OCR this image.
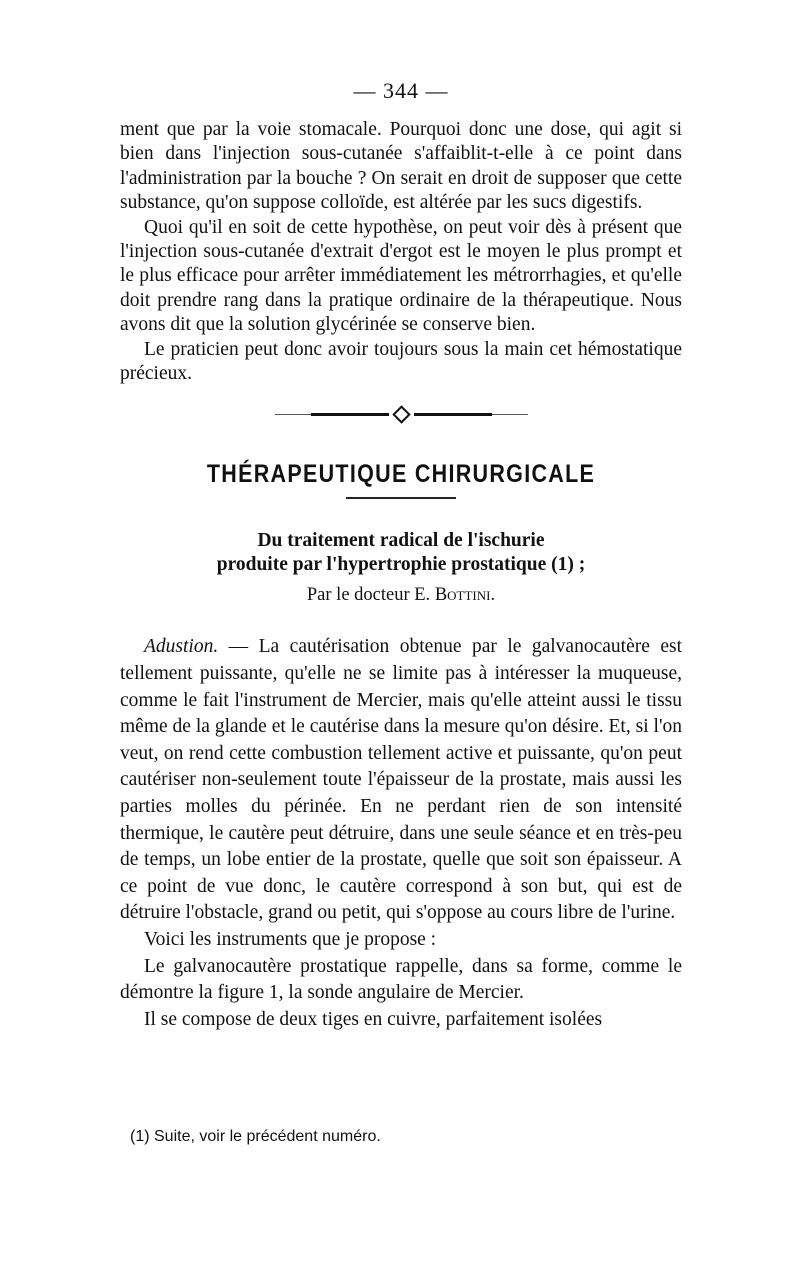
— 344 —

ment que par la voie stomacale. Pourquoi donc une dose, qui agit si bien dans l'injection sous-cutanée s'affaiblit-t-elle à ce point dans l'administration par la bouche ? On serait en droit de supposer que cette substance, qu'on suppose colloïde, est altérée par les sucs digestifs.

Quoi qu'il en soit de cette hypothèse, on peut voir dès à présent que l'injection sous-cutanée d'extrait d'ergot est le moyen le plus prompt et le plus efficace pour arrêter immédiatement les métrorrhagies, et qu'elle doit prendre rang dans la pratique ordinaire de la thérapeutique. Nous avons dit que la solution glycérinée se conserve bien.

Le praticien peut donc avoir toujours sous la main cet hémostatique précieux.

THÉRAPEUTIQUE CHIRURGICALE

Du traitement radical de l'ischurie

produite par l'hypertrophie prostatique (1) ;

Par le docteur E. Bottini.

Adustion. — La cautérisation obtenue par le galvanocautère est tellement puissante, qu'elle ne se limite pas à intéresser la muqueuse, comme le fait l'instrument de Mercier, mais qu'elle atteint aussi le tissu même de la glande et le cautérise dans la mesure qu'on désire. Et, si l'on veut, on rend cette combustion tellement active et puissante, qu'on peut cautériser non-seulement toute l'épaisseur de la prostate, mais aussi les parties molles du périnée. En ne perdant rien de son intensité thermique, le cautère peut détruire, dans une seule séance et en très-peu de temps, un lobe entier de la prostate, quelle que soit son épaisseur. A ce point de vue donc, le cautère correspond à son but, qui est de détruire l'obstacle, grand ou petit, qui s'oppose au cours libre de l'urine.

Voici les instruments que je propose :

Le galvanocautère prostatique rappelle, dans sa forme, comme le démontre la figure 1, la sonde angulaire de Mercier.

Il se compose de deux tiges en cuivre, parfaitement isolées

(1) Suite, voir le précédent numéro.
